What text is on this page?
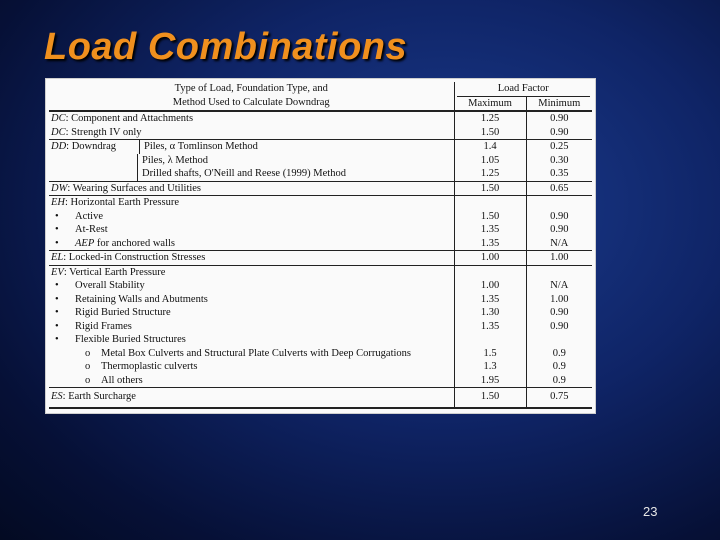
Load Combinations
Type of Load, Foundation Type, and
Method Used to Calculate Downdrag	Load Factor	
	Maximum	Minimum
DC: Component and Attachments	1.25	0.90
DC: Strength IV only	1.50	0.90

DD: Downdrag Piles, α Tomlinson Method	1.4	0.25

Piles, λ Method	1.05	0.30

Drilled shafts, O'Neill and Reese (1999) Method	1.25	0.35
DW: Wearing Surfaces and Utilities	1.50	0.65
EH: Horizontal Earth Pressure		
• Active	1.50	0.90
• At-Rest	1.35	0.90
• AEP for anchored walls	1.35	N/A
EL: Locked-in Construction Stresses	1.00	1.00
EV: Vertical Earth Pressure		
• Overall Stability	1.00	N/A
• Retaining Walls and Abutments	1.35	1.00
• Rigid Buried Structure	1.30	0.90
• Rigid Frames	1.35	0.90
• Flexible Buried Structures		
o Metal Box Culverts and Structural Plate Culverts with Deep Corrugations	1.5	0.9
o Thermoplastic culverts	1.3	0.9
o All others	1.95	0.9
ES: Earth Surcharge	1.50	0.75
23
